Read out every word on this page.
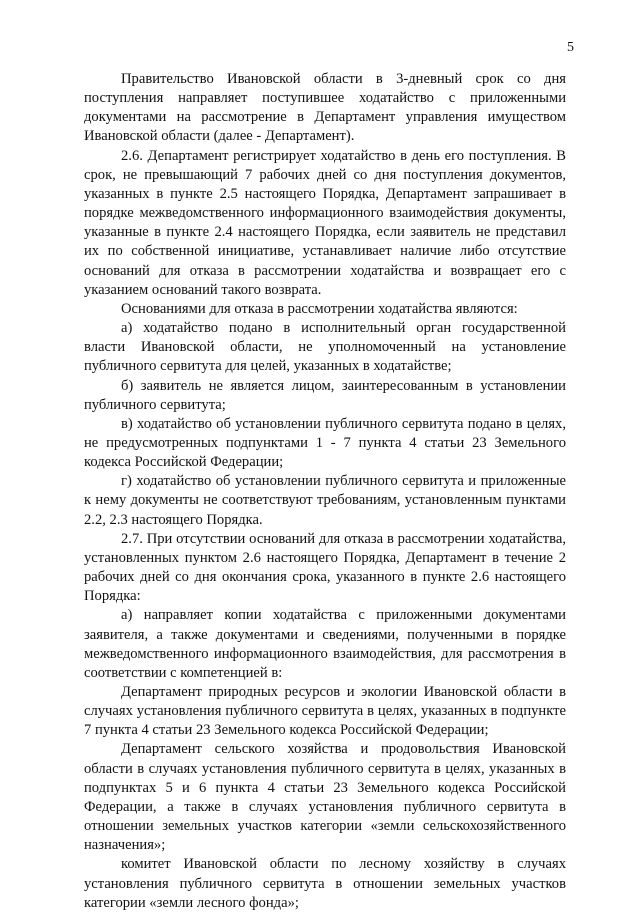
5

Правительство Ивановской области в 3-дневный срок со дня поступления направляет поступившее ходатайство с приложенными документами на рассмотрение в Департамент управления имуществом Ивановской области (далее - Департамент).

2.6. Департамент регистрирует ходатайство в день его поступления. В срок, не превышающий 7 рабочих дней со дня поступления документов, указанных в пункте 2.5 настоящего Порядка, Департамент запрашивает в порядке межведомственного информационного взаимодействия документы, указанные в пункте 2.4 настоящего Порядка, если заявитель не представил их по собственной инициативе, устанавливает наличие либо отсутствие оснований для отказа в рассмотрении ходатайства и возвращает его с указанием оснований такого возврата.

Основаниями для отказа в рассмотрении ходатайства являются:

а) ходатайство подано в исполнительный орган государственной власти Ивановской области, не уполномоченный на установление публичного сервитута для целей, указанных в ходатайстве;

б) заявитель не является лицом, заинтересованным в установлении публичного сервитута;

в) ходатайство об установлении публичного сервитута подано в целях, не предусмотренных подпунктами 1 - 7 пункта 4 статьи 23 Земельного кодекса Российской Федерации;

г) ходатайство об установлении публичного сервитута и приложенные к нему документы не соответствуют требованиям, установленным пунктами 2.2, 2.3 настоящего Порядка.

2.7. При отсутствии оснований для отказа в рассмотрении ходатайства, установленных пунктом 2.6 настоящего Порядка, Департамент в течение 2 рабочих дней со дня окончания срока, указанного в пункте 2.6 настоящего Порядка:

а) направляет копии ходатайства с приложенными документами заявителя, а также документами и сведениями, полученными в порядке межведомственного информационного взаимодействия, для рассмотрения в соответствии с компетенцией в:

Департамент природных ресурсов и экологии Ивановской области в случаях установления публичного сервитута в целях, указанных в подпункте 7 пункта 4 статьи 23 Земельного кодекса Российской Федерации;

Департамент сельского хозяйства и продовольствия Ивановской области в случаях установления публичного сервитута в целях, указанных в подпунктах 5 и 6 пункта 4 статьи 23 Земельного кодекса Российской Федерации, а также в случаях установления публичного сервитута в отношении земельных участков категории «земли сельскохозяйственного назначения»;

комитет Ивановской области по лесному хозяйству в случаях установления публичного сервитута в отношении земельных участков категории «земли лесного фонда»;
